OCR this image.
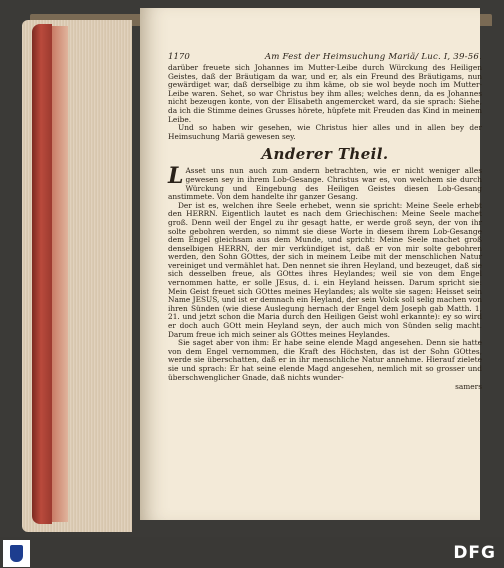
1170	Am Fest der Heimsuchung Mariä/ Luc. I, 39-56.

darüber freuete sich Johannes im Mutter-Leibe durch Würckung des Heiligen Geistes, daß der Bräutigam da war, und er, als ein Freund des Bräutigams, nun gewärdiget war, daß derselbige zu ihm käme, ob sie wol beyde noch im Mutter-Leibe waren. Sehet, so war Christus bey ihm alles; welches denn, da es Johannes nicht bezeugen konte, von der Elisabeth angemercket ward, da sie sprach: Siehe, da ich die Stimme deines Grusses hörete, hüpfete mit Freuden das Kind in meinem Leibe.

Und so haben wir gesehen, wie Christus hier alles und in allen bey der Heimsuchung Mariä gewesen sey.

Anderer Theil.

L Asset uns nun auch zum andern betrachten, wie er nicht weniger alles gewesen sey in ihrem Lob-Gesange. Christus war es, von welchem sie durch Würckung und Eingebung des Heiligen Geistes diesen Lob-Gesang anstimmete. Von dem handelte ihr ganzer Gesang.

Der ist es, welchen ihre Seele erhebet, wenn sie spricht: Meine Seele erhebt den HERRN. Eigentlich lautet es nach dem Griechischen: Meine Seele machet groß. Denn weil der Engel zu ihr gesagt hatte, er werde groß seyn, der von ihr solte gebohren werden, so nimmt sie diese Worte in diesem ihrem Lob-Gesange dem Engel gleichsam aus dem Munde, und spricht: Meine Seele machet groß denselbigen HERRN, der mir verkündiget ist, daß er von mir solte gebohren werden, den Sohn GOttes, der sich in meinem Leibe mit der menschlichen Natur vereiniget und vermählet hat. Den nennet sie ihren Heyland, und bezeuget, daß sie sich desselben freue, als GOttes ihres Heylandes; weil sie von dem Engel vernommen hatte, er solle JEsus, d. i. ein Heyland heissen. Darum spricht sie: Mein Geist freuet sich GOttes meines Heylandes; als wolte sie sagen: Heisset sein Name JESUS, und ist er demnach ein Heyland, der sein Volck soll selig machen von ihren Sünden (wie diese Auslegung hernach der Engel dem Joseph gab Matth. 1, 21. und jetzt schon die Maria durch den Heiligen Geist wohl erkannte): ey so wird er doch auch GOtt mein Heyland seyn, der auch mich von Sünden selig macht. Darum freue ich mich seiner als GOttes meines Heylandes.

Sie saget aber von ihm: Er habe seine elende Magd angesehen. Denn sie hatte von dem Engel vernommen, die Kraft des Höchsten, das ist der Sohn GOttes, werde sie überschatten, daß er in ihr menschliche Natur annehme. Hierauf zielete sie und sprach: Er hat seine elende Magd angesehen, nemlich mit so grosser und überschwenglicher Gnade, daß nichts wunder-

samers
DFG
